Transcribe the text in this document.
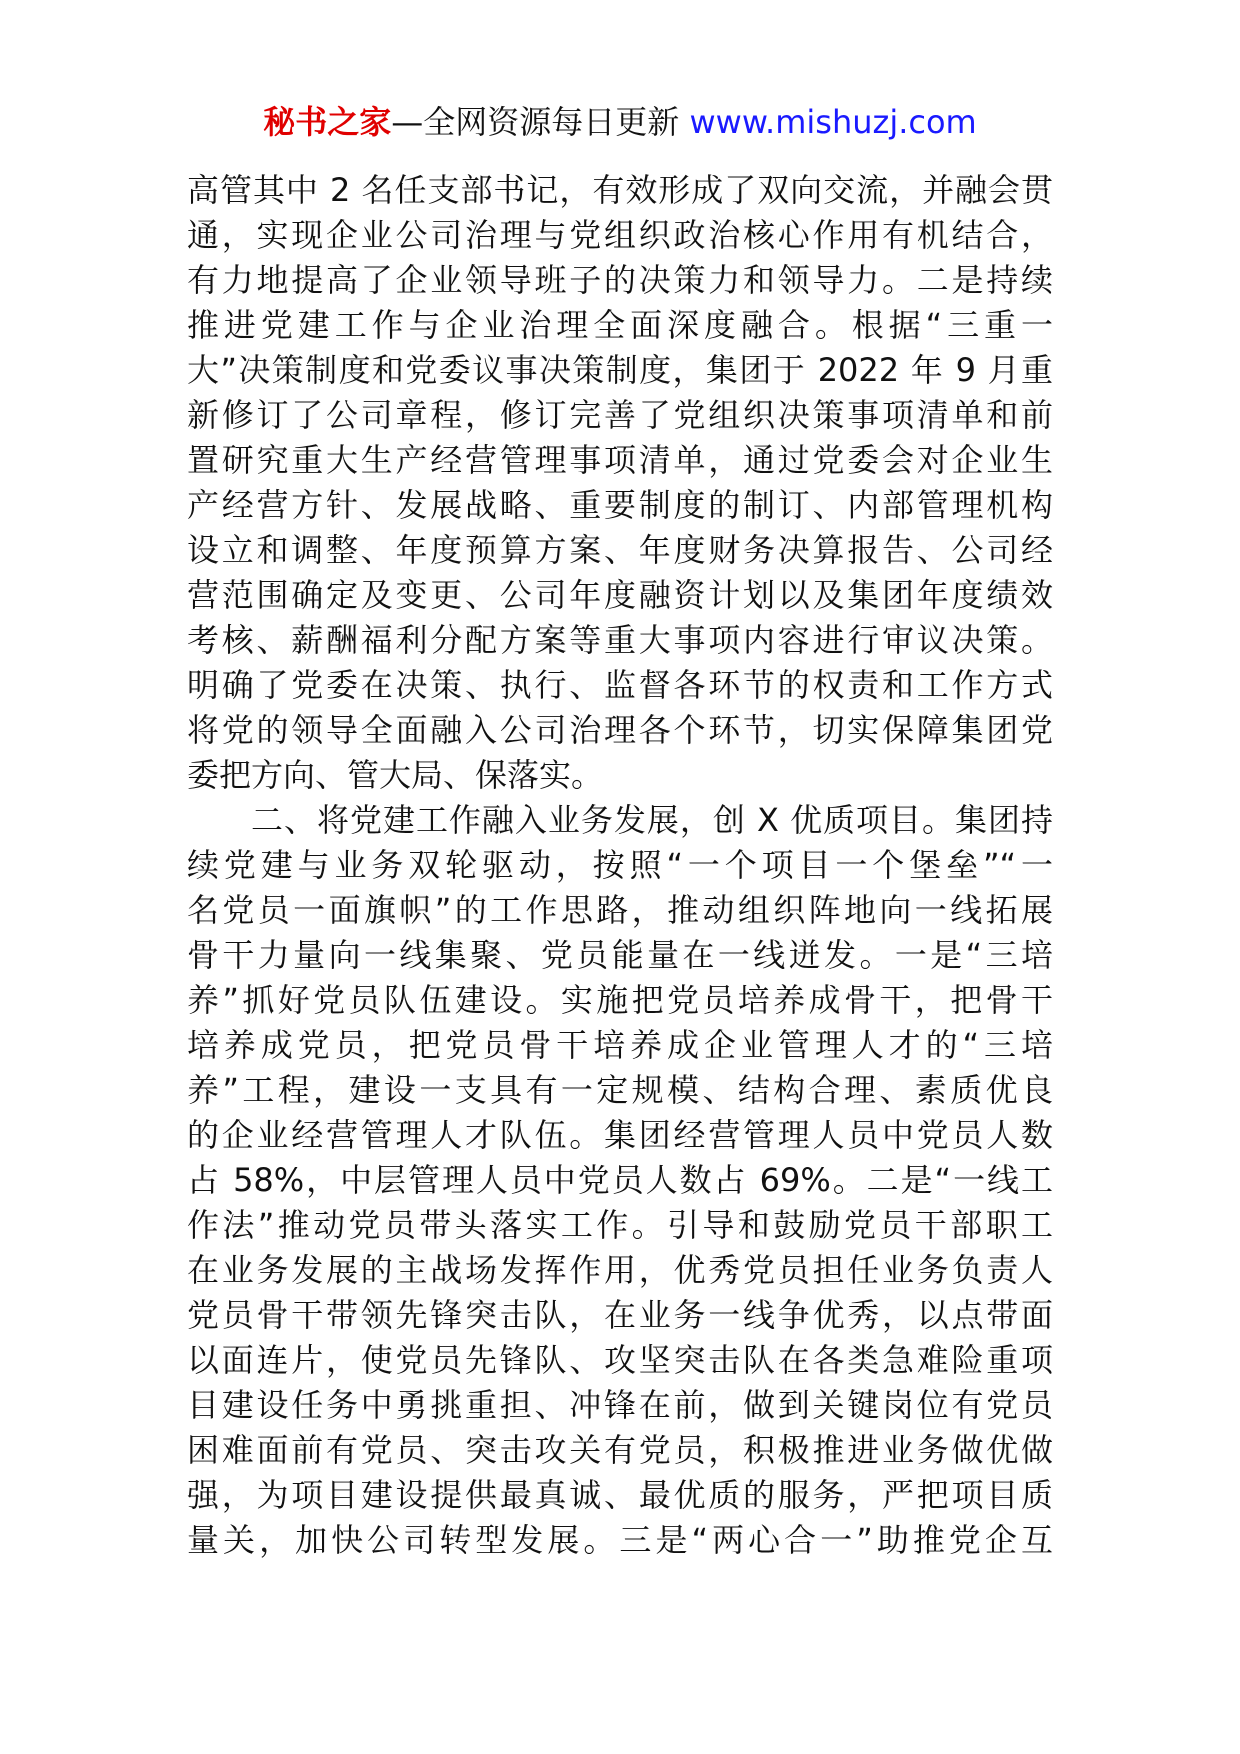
秘书之家—全网资源每日更新 www.mishuzj.com
高管其中 2 名任支部书记，有效形成了双向交流，并融会贯
通，实现企业公司治理与党组织政治核心作用有机结合，
有力地提高了企业领导班子的决策力和领导力。二是持续
推进党建工作与企业治理全面深度融合。根据“三重一
大”决策制度和党委议事决策制度，集团于 2022 年 9 月重
新修订了公司章程，修订完善了党组织决策事项清单和前
置研究重大生产经营管理事项清单，通过党委会对企业生
产经营方针、发展战略、重要制度的制订、内部管理机构
设立和调整、年度预算方案、年度财务决算报告、公司经
营范围确定及变更、公司年度融资计划以及集团年度绩效
考核、薪酬福利分配方案等重大事项内容进行审议决策。
明确了党委在决策、执行、监督各环节的权责和工作方式
将党的领导全面融入公司治理各个环节，切实保障集团党
委把方向、管大局、保落实。
二、将党建工作融入业务发展，创 X 优质项目。集团持
续党建与业务双轮驱动，按照“一个项目一个堡垒”“一
名党员一面旗帜”的工作思路，推动组织阵地向一线拓展
骨干力量向一线集聚、党员能量在一线迸发。一是“三培
养”抓好党员队伍建设。实施把党员培养成骨干，把骨干
培养成党员，把党员骨干培养成企业管理人才的“三培
养”工程，建设一支具有一定规模、结构合理、素质优良
的企业经营管理人才队伍。集团经营管理人员中党员人数
占 58%，中层管理人员中党员人数占 69%。二是“一线工
作法”推动党员带头落实工作。引导和鼓励党员干部职工
在业务发展的主战场发挥作用，优秀党员担任业务负责人
党员骨干带领先锋突击队，在业务一线争优秀，以点带面
以面连片，使党员先锋队、攻坚突击队在各类急难险重项
目建设任务中勇挑重担、冲锋在前，做到关键岗位有党员
困难面前有党员、突击攻关有党员，积极推进业务做优做
强，为项目建设提供最真诚、最优质的服务，严把项目质
量关，加快公司转型发展。三是“两心合一”助推党企互
